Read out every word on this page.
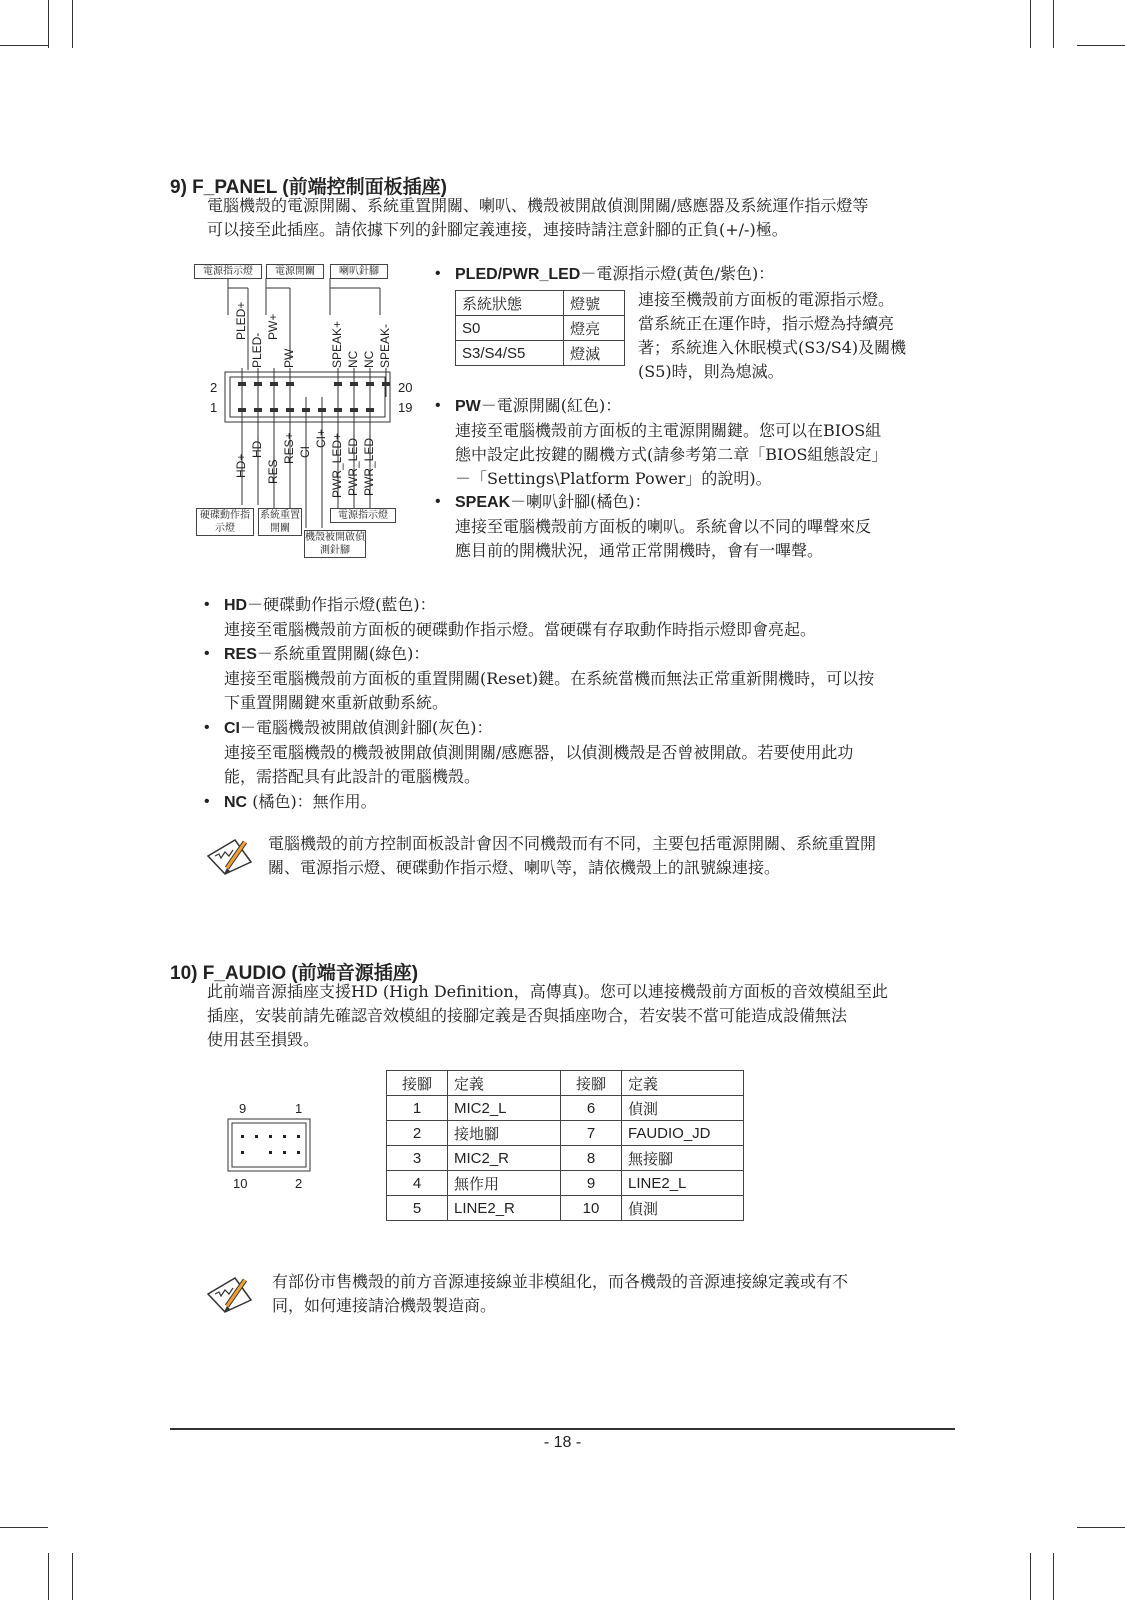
9) F_PANEL (前端控制面板插座)
電腦機殼的電源開關、系統重置開關、喇叭、機殼被開啟偵測開關/感應器及系統運作指示燈等
可以接至此插座。請依據下列的針腳定義連接，連接時請注意針腳的正負(+/-)極。
電源指示燈	電源開關	喇叭針腳
PLED+
PLED-
PW+
PW-	SPEAK+ NC NC SPEAK-
2
1
20
19
HD+
HD-
RES-
RES+ CI-
CI+ PWR_LED+ PWR_LED- PWR_LED-
硬碟動作指示燈
系統重置開關
電源指示燈
機殼被開啟偵測針腳
• PLED/PWR_LED－電源指示燈(黃色/紫色)：
系統狀態	燈號
S0	燈亮
S3/S4/S5	燈滅
連接至機殼前方面板的電源指示燈。
當系統正在運作時，指示燈為持續亮
著；系統進入休眠模式(S3/S4)及關機
(S5)時，則為熄滅。
• PW－電源開關(紅色)：
連接至電腦機殼前方面板的主電源開關鍵。您可以在BIOS組
態中設定此按鍵的關機方式(請參考第二章「BIOS組態設定」
－「Settings\Platform Power」的說明)。
• SPEAK－喇叭針腳(橘色)：
連接至電腦機殼前方面板的喇叭。系統會以不同的嗶聲來反
應目前的開機狀況，通常正常開機時，會有一嗶聲。
• HD－硬碟動作指示燈(藍色)：
連接至電腦機殼前方面板的硬碟動作指示燈。當硬碟有存取動作時指示燈即會亮起。
• RES－系統重置開關(綠色)：
連接至電腦機殼前方面板的重置開關(Reset)鍵。在系統當機而無法正常重新開機時，可以按
下重置開關鍵來重新啟動系統。
• CI－電腦機殼被開啟偵測針腳(灰色)：
連接至電腦機殼的機殼被開啟偵測開關/感應器，以偵測機殼是否曾被開啟。若要使用此功
能，需搭配具有此設計的電腦機殼。
• NC (橘色)：無作用。
電腦機殼的前方控制面板設計會因不同機殼而有不同，主要包括電源開關、系統重置開
關、電源指示燈、硬碟動作指示燈、喇叭等，請依機殼上的訊號線連接。
10) F_AUDIO (前端音源插座)
此前端音源插座支援HD (High Definition，高傳真)。您可以連接機殼前方面板的音效模組至此
插座，安裝前請先確認音效模組的接腳定義是否與插座吻合，若安裝不當可能造成設備無法
使用甚至損毀。
9	1
10	2
接腳	定義	接腳	定義
1	MIC2_L	6	偵測
2	接地腳	7	FAUDIO_JD
3	MIC2_R	8	無接腳
4	無作用	9	LINE2_L
5	LINE2_R	10	偵測
有部份市售機殼的前方音源連接線並非模組化，而各機殼的音源連接線定義或有不
同，如何連接請洽機殼製造商。
- 18 -
